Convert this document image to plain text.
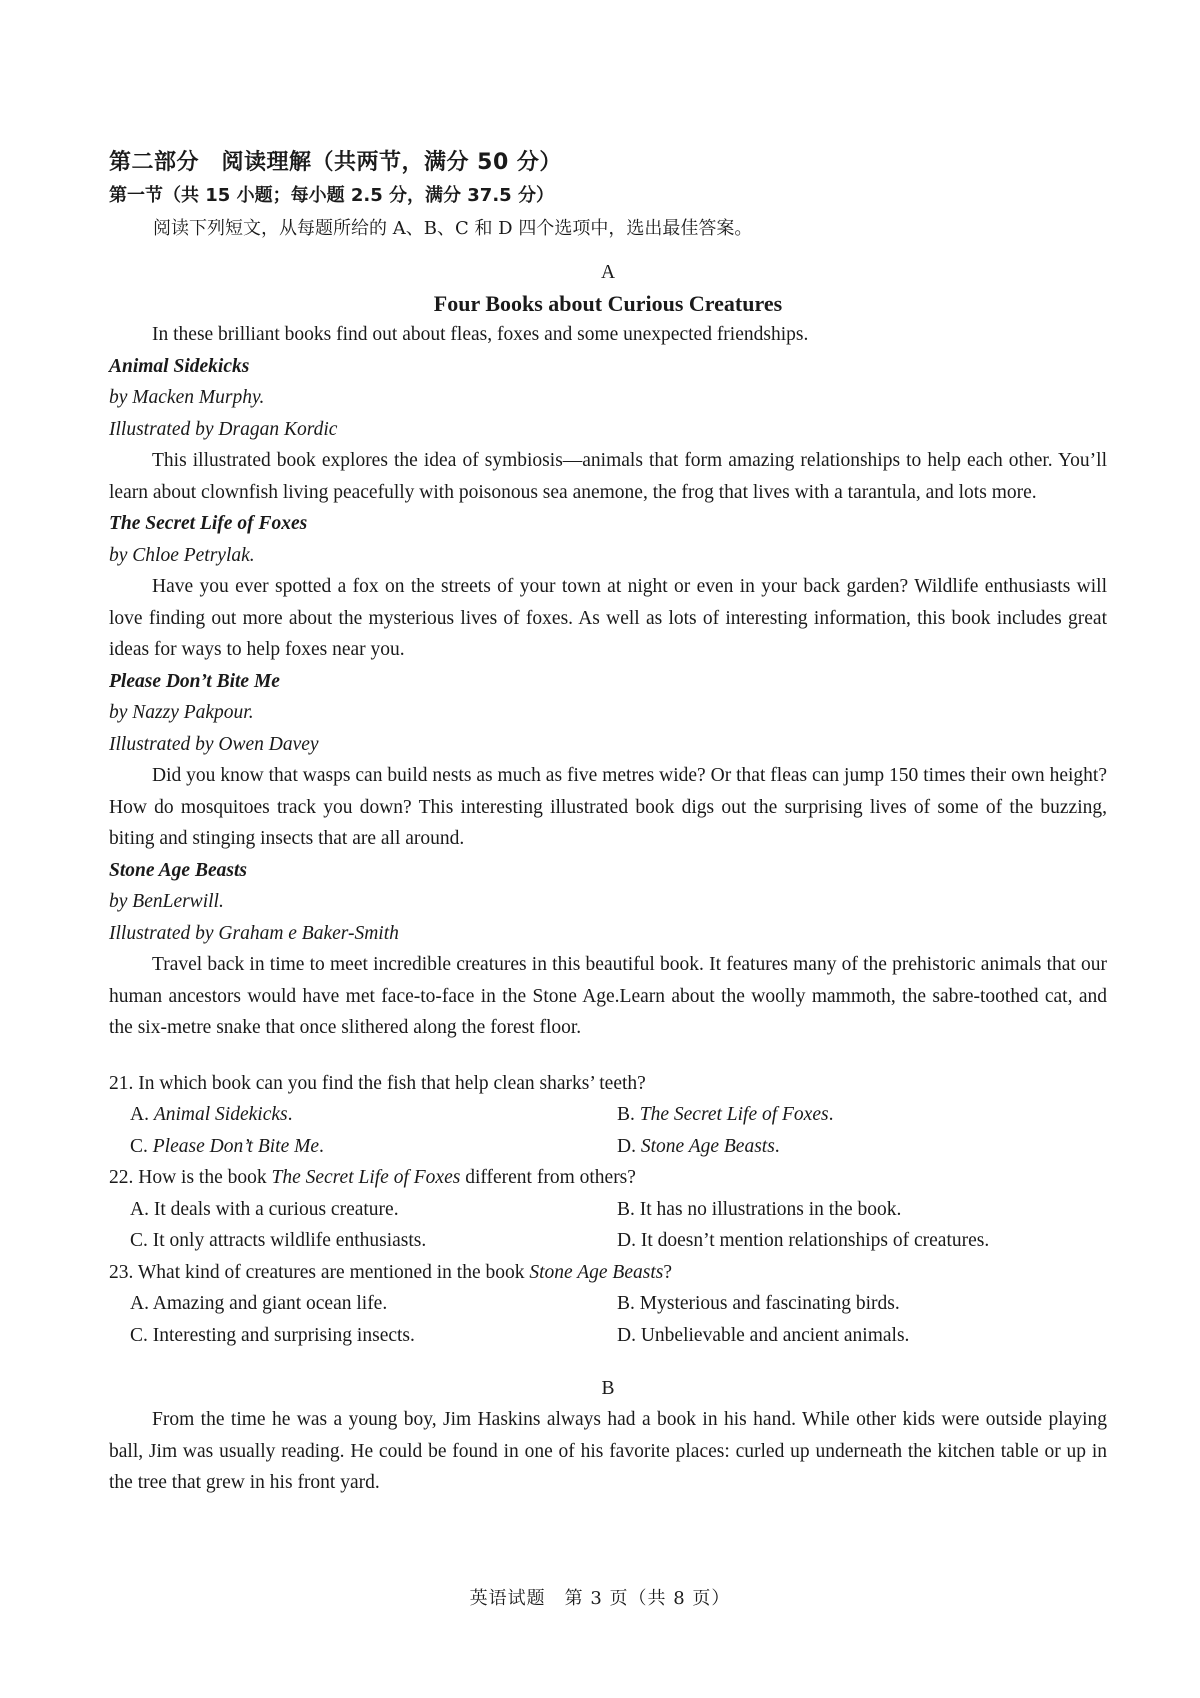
第二部分　阅读理解（共两节，满分 50 分）
第一节（共 15 小题；每小题 2.5 分，满分 37.5 分）
阅读下列短文，从每题所给的 A、B、C 和 D 四个选项中，选出最佳答案。
A
Four Books about Curious Creatures

In these brilliant books find out about fleas, foxes and some unexpected friendships.

Animal Sidekicks

by Macken Murphy.

Illustrated by Dragan Kordic

This illustrated book explores the idea of symbiosis—animals that form amazing relationships to help each other. You’ll learn about clownfish living peacefully with poisonous sea anemone, the frog that lives with a tarantula, and lots more.

The Secret Life of Foxes

by Chloe Petrylak.

Have you ever spotted a fox on the streets of your town at night or even in your back garden? Wildlife enthusiasts will love finding out more about the mysterious lives of foxes. As well as lots of interesting information, this book includes great ideas for ways to help foxes near you.

Please Don’t Bite Me

by Nazzy Pakpour.

Illustrated by Owen Davey

Did you know that wasps can build nests as much as five metres wide? Or that fleas can jump 150 times their own height? How do mosquitoes track you down? This interesting illustrated book digs out the surprising lives of some of the buzzing, biting and stinging insects that are all around.

Stone Age Beasts

by BenLerwill.

Illustrated by Graham e Baker-Smith

Travel back in time to meet incredible creatures in this beautiful book. It features many of the prehistoric animals that our human ancestors would have met face-to-face in the Stone Age.Learn about the woolly mammoth, the sabre-toothed cat, and the six-metre snake that once slithered along the forest floor.

21. In which book can you find the fish that help clean sharks’ teeth?
A. Animal Sidekicks.	B. The Secret Life of Foxes.
C. Please Don’t Bite Me.	D. Stone Age Beasts.
22. How is the book The Secret Life of Foxes different from others?
A. It deals with a curious creature.	B. It has no illustrations in the book.
C. It only attracts wildlife enthusiasts.	D. It doesn’t mention relationships of creatures.
23. What kind of creatures are mentioned in the book Stone Age Beasts?
A. Amazing and giant ocean life.	B. Mysterious and fascinating birds.
C. Interesting and surprising insects.	D. Unbelievable and ancient animals.
B

From the time he was a young boy, Jim Haskins always had a book in his hand. While other kids were outside playing ball, Jim was usually reading. He could be found in one of his favorite places: curled up underneath the kitchen table or up in the tree that grew in his front yard.

英语试题　第 3 页（共 8 页）
